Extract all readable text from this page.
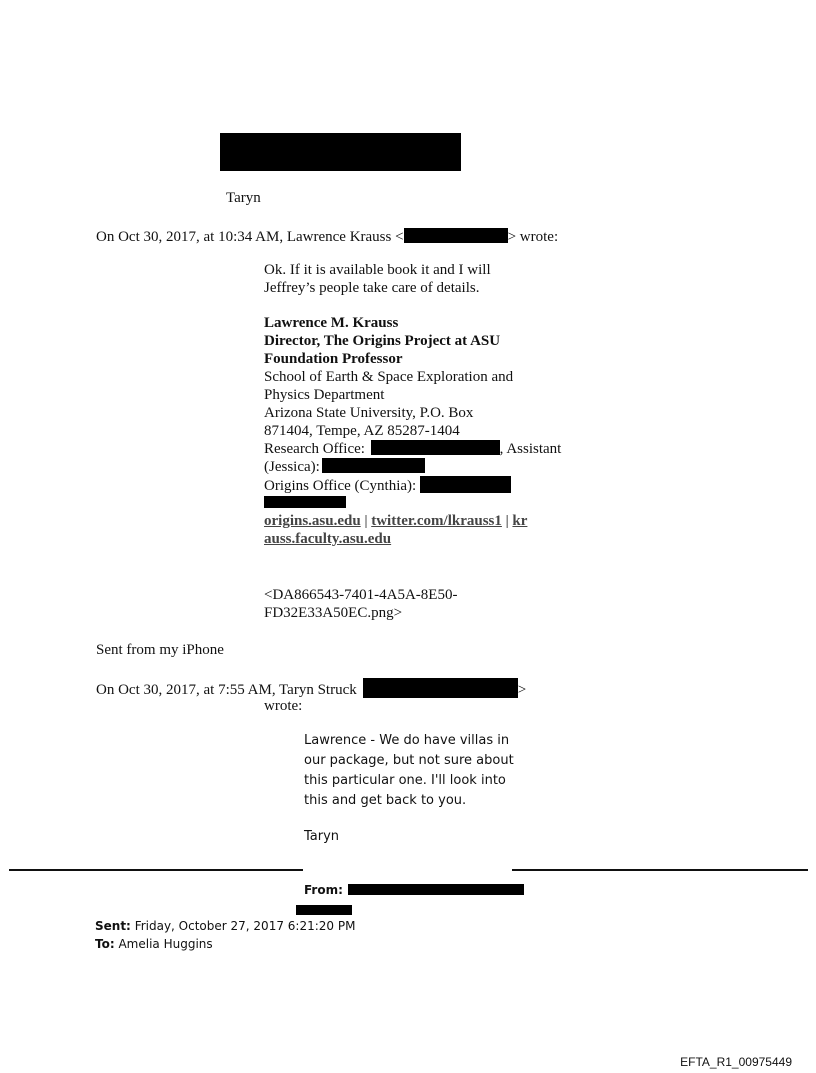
Taryn
On Oct 30, 2017, at 10:34 AM, Lawrence Krauss <	> wrote:
Ok. If it is available book it and I will
Jeffrey’s people take care of details.
Lawrence M. Krauss
Director, The Origins Project at ASU
Foundation Professor
School of Earth & Space Exploration and
Physics Department
Arizona State University, P.O. Box
871404, Tempe, AZ 85287-1404
Research Office:	, Assistant
(Jessica):
Origins Office (Cynthia):
origins.asu.edu | twitter.com/lkrauss1 | kr
auss.faculty.asu.edu
<DA866543-7401-4A5A-8E50-
FD32E33A50EC.png>
Sent from my iPhone
On Oct 30, 2017, at 7:55 AM, Taryn Struck	>
wrote:
Lawrence - We do have villas in
our package, but not sure about
this particular one. I'll look into
this and get back to you.
Taryn
From:
Sent: Friday, October 27, 2017 6:21:20 PM
To: Amelia Huggins
EFTA_R1_00975449
